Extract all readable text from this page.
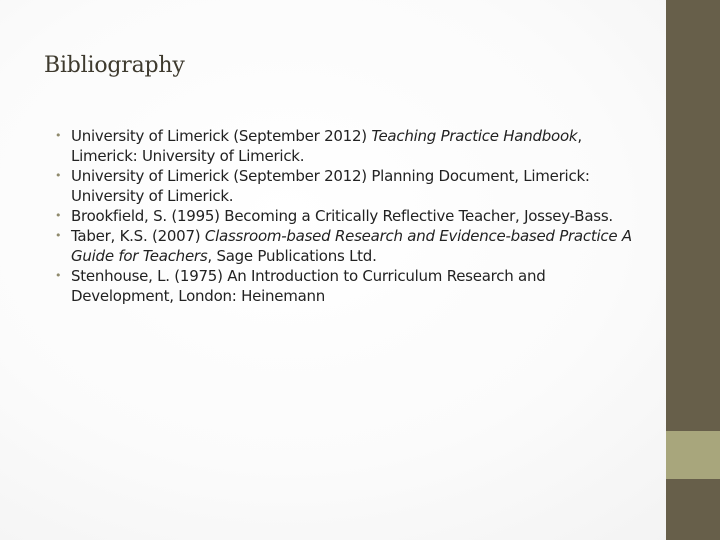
Bibliography
• University of Limerick (September 2012) Teaching Practice Handbook, Limerick: University of Limerick.
• University of Limerick (September 2012) Planning Document, Limerick: University of Limerick.
• Brookfield, S. (1995) Becoming a Critically Reflective Teacher, Jossey-Bass.
• Taber, K.S. (2007) Classroom-based Research and Evidence-based Practice A Guide for Teachers, Sage Publications Ltd.
• Stenhouse, L. (1975) An Introduction to Curriculum Research and Development, London: Heinemann
